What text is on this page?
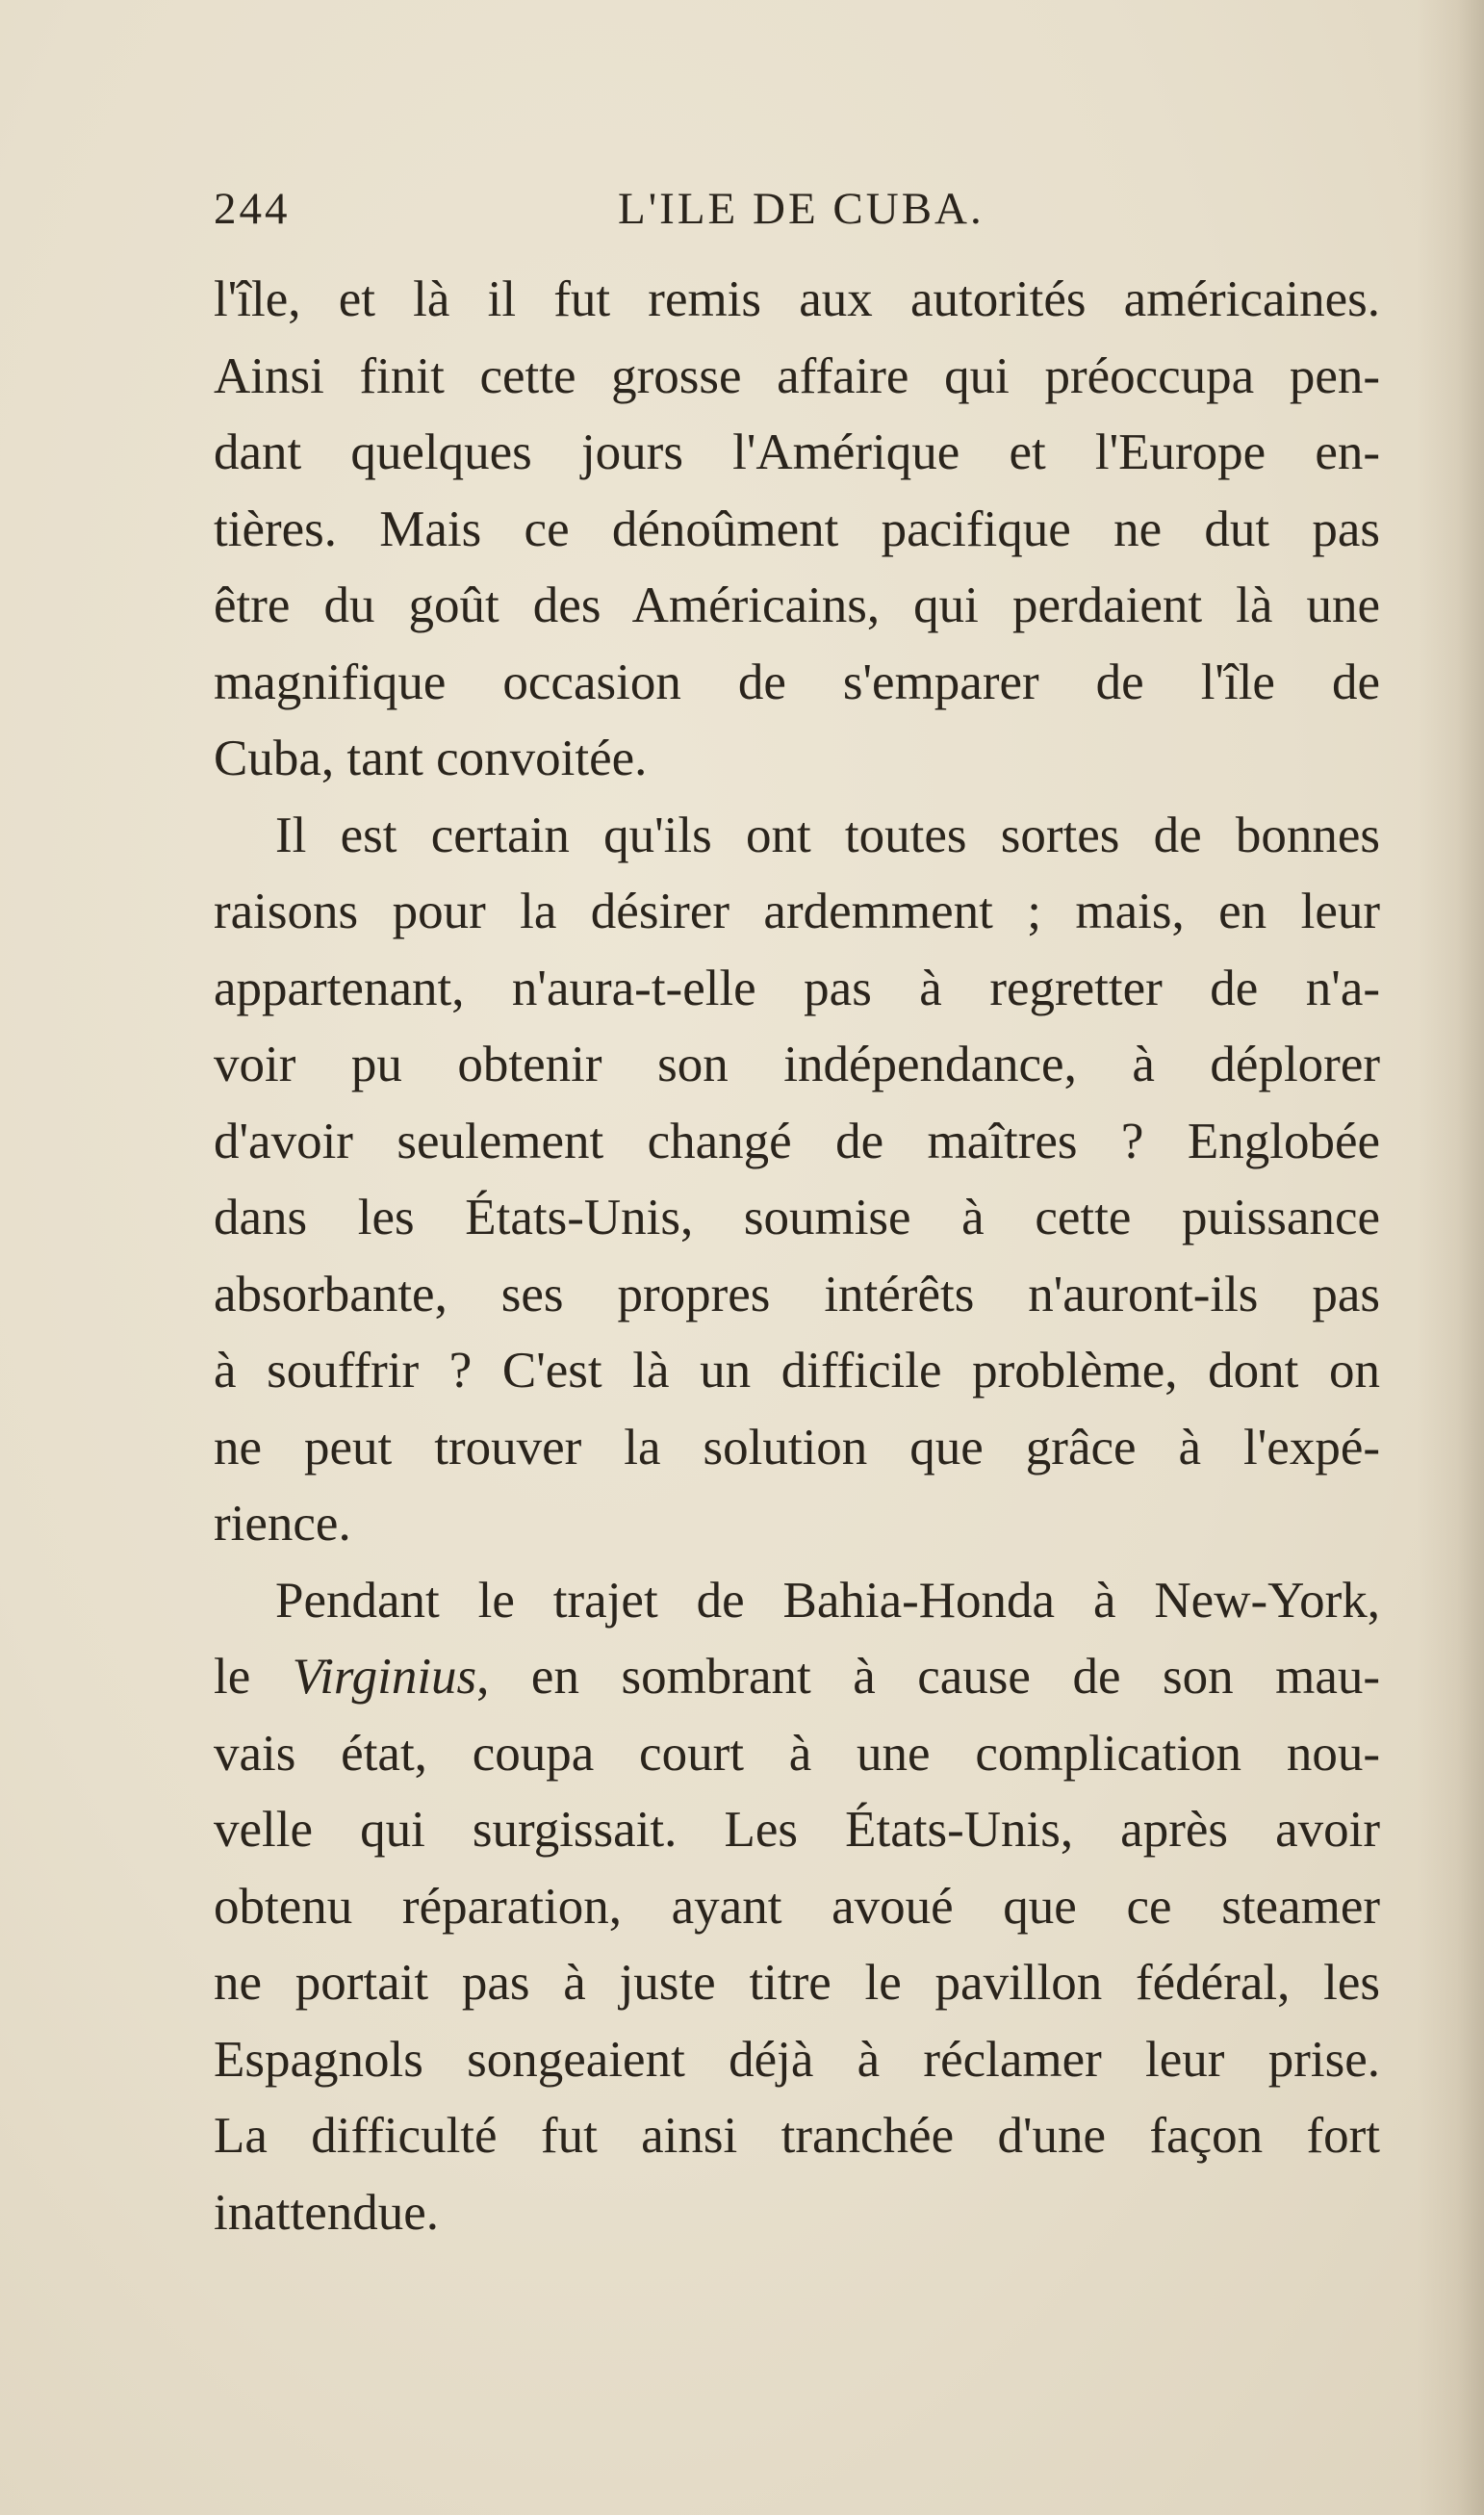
244	L'ILE DE CUBA.
l'île, et là il fut remis aux autorités américaines.
Ainsi finit cette grosse affaire qui préoccupa pen-
dant quelques jours l'Amérique et l'Europe en-
tières. Mais ce dénoûment pacifique ne dut pas
être du goût des Américains, qui perdaient là une
magnifique occasion de s'emparer de l'île de
Cuba, tant convoitée.
Il est certain qu'ils ont toutes sortes de bonnes
raisons pour la désirer ardemment ; mais, en leur
appartenant, n'aura-t-elle pas à regretter de n'a-
voir pu obtenir son indépendance, à déplorer
d'avoir seulement changé de maîtres ? Englobée
dans les États-Unis, soumise à cette puissance
absorbante, ses propres intérêts n'auront-ils pas
à souffrir ? C'est là un difficile problème, dont on
ne peut trouver la solution que grâce à l'expé-
rience.
Pendant le trajet de Bahia-Honda à New-York,
le Virginius, en sombrant à cause de son mau-
vais état, coupa court à une complication nou-
velle qui surgissait. Les États-Unis, après avoir
obtenu réparation, ayant avoué que ce steamer
ne portait pas à juste titre le pavillon fédéral, les
Espagnols songeaient déjà à réclamer leur prise.
La difficulté fut ainsi tranchée d'une façon fort
inattendue.
